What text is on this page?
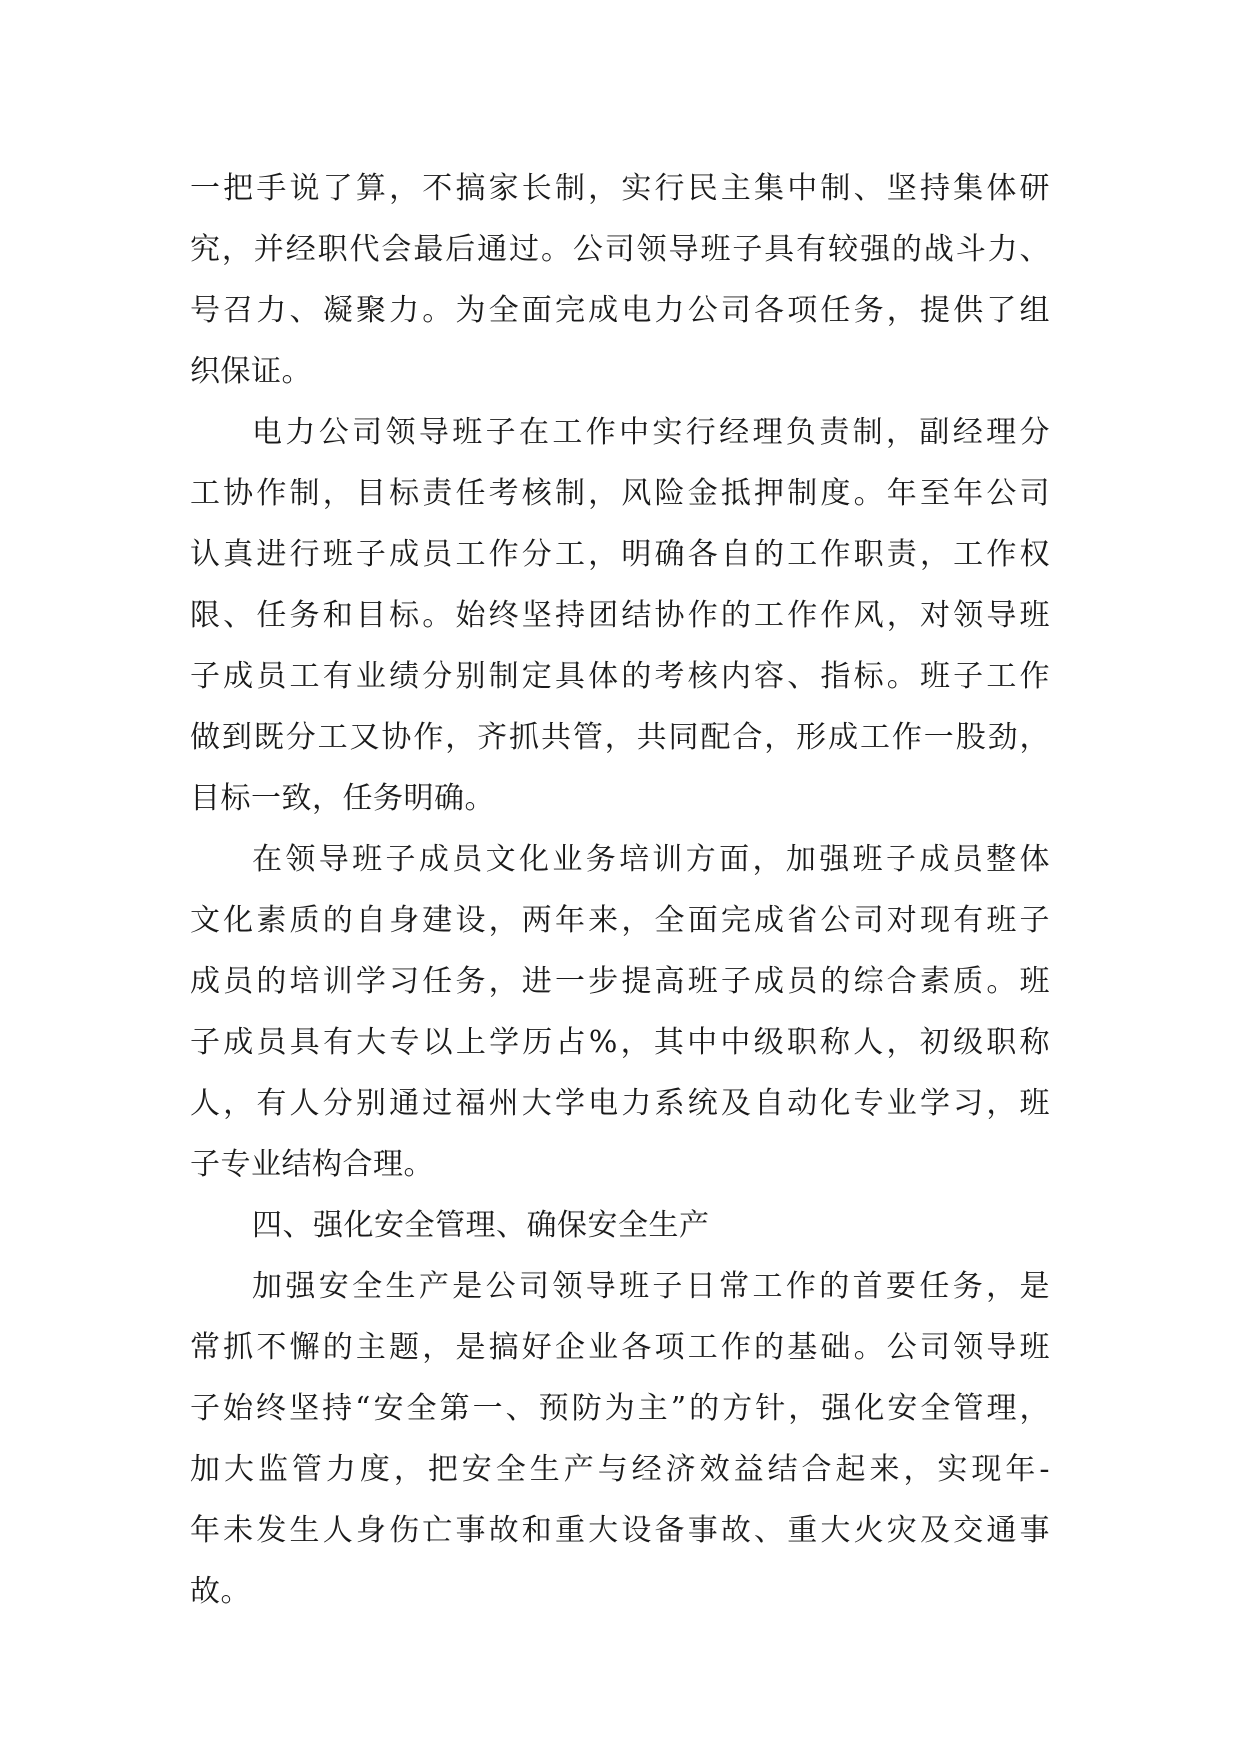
一把手说了算，不搞家长制，实行民主集中制、坚持集体研
究，并经职代会最后通过。公司领导班子具有较强的战斗力、
号召力、凝聚力。为全面完成电力公司各项任务，提供了组
织保证。
电力公司领导班子在工作中实行经理负责制，副经理分
工协作制，目标责任考核制，风险金抵押制度。年至年公司
认真进行班子成员工作分工，明确各自的工作职责，工作权
限、任务和目标。始终坚持团结协作的工作作风，对领导班
子成员工有业绩分别制定具体的考核内容、指标。班子工作
做到既分工又协作，齐抓共管，共同配合，形成工作一股劲，
目标一致，任务明确。
在领导班子成员文化业务培训方面，加强班子成员整体
文化素质的自身建设，两年来，全面完成省公司对现有班子
成员的培训学习任务，进一步提高班子成员的综合素质。班
子成员具有大专以上学历占%，其中中级职称人，初级职称
人，有人分别通过福州大学电力系统及自动化专业学习，班
子专业结构合理。
四、强化安全管理、确保安全生产
加强安全生产是公司领导班子日常工作的首要任务，是
常抓不懈的主题，是搞好企业各项工作的基础。公司领导班
子始终坚持“安全第一、预防为主”的方针，强化安全管理，
加大监管力度，把安全生产与经济效益结合起来，实现年-
年未发生人身伤亡事故和重大设备事故、重大火灾及交通事
故。
